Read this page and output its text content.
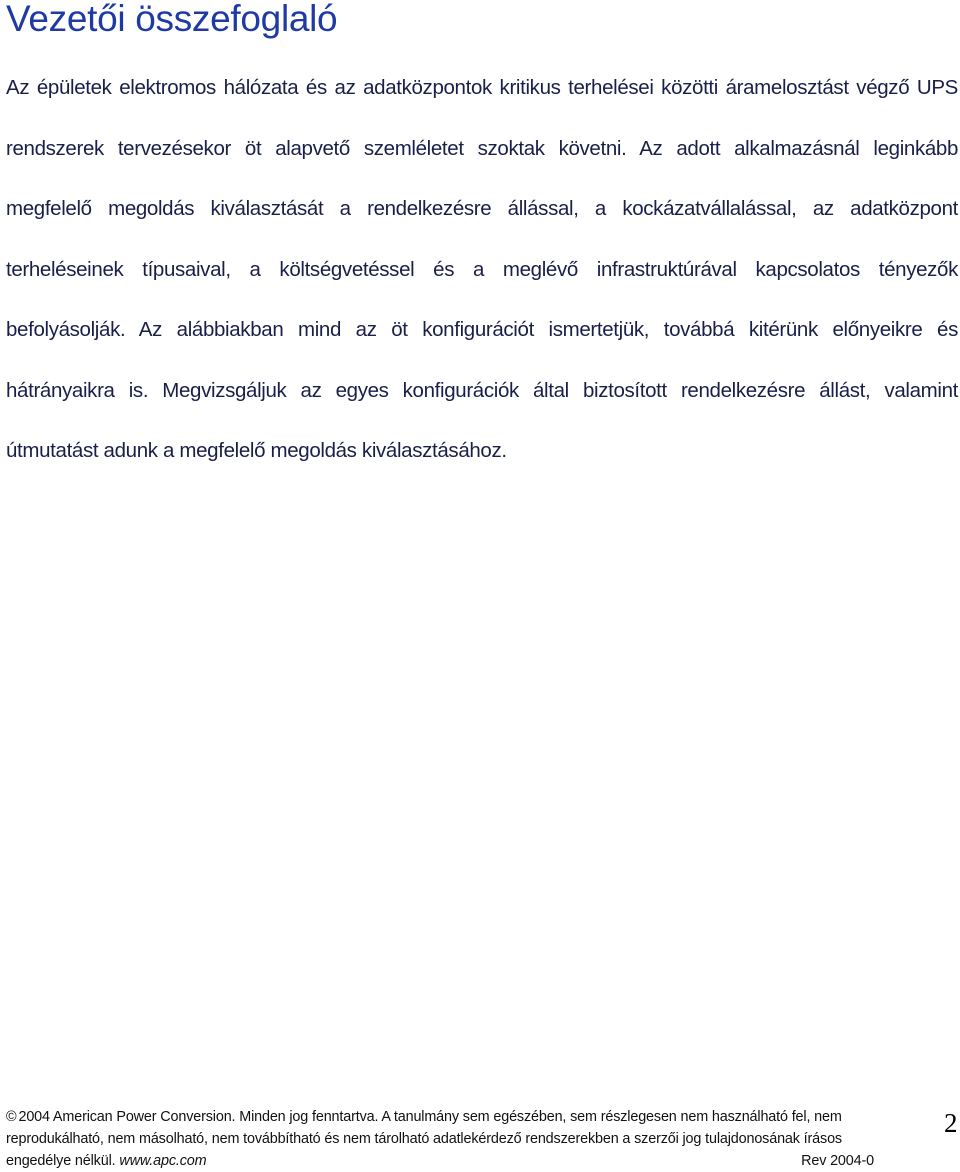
Vezetői összefoglaló

Az épületek elektromos hálózata és az adatközpontok kritikus terhelései közötti áramelosztást végző UPS rendszerek tervezésekor öt alapvető szemléletet szoktak követni. Az adott alkalmazásnál leginkább megfelelő megoldás kiválasztását a rendelkezésre állással, a kockázatvállalással, az adatközpont terheléseinek típusaival, a költségvetéssel és a meglévő infrastruktúrával kapcsolatos tényezők befolyásolják. Az alábbiakban mind az öt konfigurációt ismertetjük, továbbá kitérünk előnyeikre és hátrányaikra is. Megvizsgáljuk az egyes konfigurációk által biztosított rendelkezésre állást, valamint útmutatást adunk a megfelelő megoldás kiválasztásához.

© 2004 American Power Conversion. Minden jog fenntartva. A tanulmány sem egészében, sem részlegesen nem használható fel, nem
reprodukálható, nem másolható, nem továbbítható és nem tárolható adatlekérdező rendszerekben a szerzői jog tulajdonosának írásos
engedélye nélkül. www.apc.com	Rev 2004-0
2
